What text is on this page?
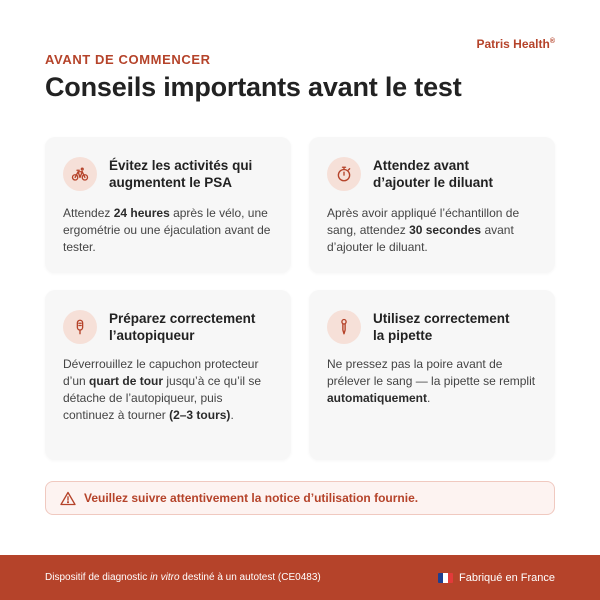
Patris Health®
AVANT DE COMMENCER
Conseils importants avant le test
Évitez les activités qui
augmentent le PSA
Attendez 24 heures après le vélo, une ergométrie ou une éjaculation avant de tester.
Attendez avant
d’ajouter le diluant
Après avoir appliqué l’échantillon de sang, attendez 30 secondes avant d’ajouter le diluant.
Préparez correctement
l’autopiqueur
Déverrouillez le capuchon protecteur d’un quart de tour jusqu’à ce qu’il se détache de l’autopiqueur, puis continuez à tourner (2–3 tours).
Utilisez correctement
la pipette
Ne pressez pas la poire avant de prélever le sang — la pipette se remplit automatiquement.
Veuillez suivre attentivement la notice d’utilisation fournie.
Dispositif de diagnostic in vitro destiné à un autotest (CE0483)	Fabriqué en France
